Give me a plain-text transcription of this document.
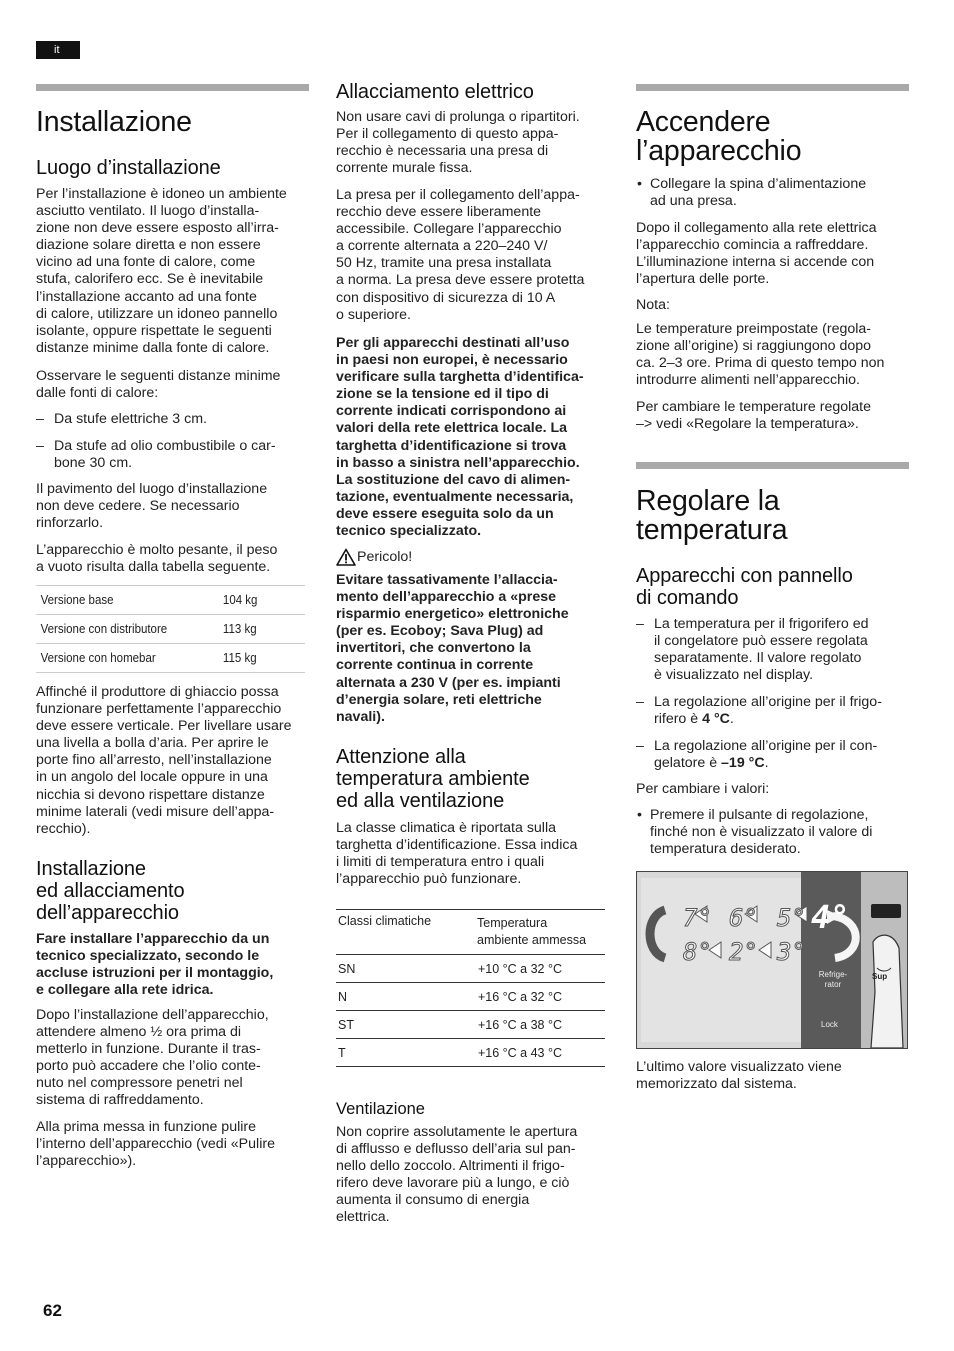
it
Installazione
Luogo d’installazione

Per l’installazione è idoneo un ambiente

asciutto ventilato. Il luogo d’installa-

zione non deve essere esposto all’irra-

diazione solare diretta e non essere

vicino ad una fonte di calore, come

stufa, calorifero ecc. Se è inevitabile

l’installazione accanto ad una fonte

di calore, utilizzare un idoneo pannello

isolante, oppure rispettate le seguenti

distanze minime dalla fonte di calore.

Osservare le seguenti distanze minime

dalle fonti di calore:

– Da stufe elettriche 3 cm.
– Da stufe ad olio combustibile o car-
bone 30 cm.

Il pavimento del luogo d’installazione

non deve cedere. Se necessario

rinforzarlo.

L’apparecchio è molto pesante, il peso

a vuoto risulta dalla tabella seguente.

Versione base	104 kg
Versione con distributore	113 kg
Versione con homebar	115 kg

Affinché il produttore di ghiaccio possa

funzionare perfettamente l’apparecchio

deve essere verticale. Per livellare usare

una livella a bolla d’aria. Per aprire le

porte fino all’arresto, nell’installazione

in un angolo del locale oppure in una

nicchia si devono rispettare distanze

minime laterali (vedi misure dell’appa-

recchio).

Installazione
ed allacciamento
dell’apparecchio

Fare installare l’apparecchio da un

tecnico specializzato, secondo le

accluse istruzioni per il montaggio,

e collegare alla rete idrica.

Dopo l’installazione dell’apparecchio,

attendere almeno ½ ora prima di

metterlo in funzione. Durante il tras-

porto può accadere che l’olio conte-

nuto nel compressore penetri nel

sistema di raffreddamento.

Alla prima messa in funzione pulire

l’interno dell’apparecchio (vedi «Pulire

l’apparecchio»).

Allacciamento elettrico

Non usare cavi di prolunga o ripartitori.

Per il collegamento di questo appa-

recchio è necessaria una presa di

corrente murale fissa.

La presa per il collegamento dell’appa-

recchio deve essere liberamente

accessibile. Collegare l’apparecchio

a corrente alternata a 220–240 V/

50 Hz, tramite una presa installata

a norma. La presa deve essere protetta

con dispositivo di sicurezza di 10 A

o superiore.

Per gli apparecchi destinati all’uso

in paesi non europei, è necessario

verificare sulla targhetta d’identifica-

zione se la tensione ed il tipo di

corrente indicati corrispondono ai

valori della rete elettrica locale. La

targhetta d’identificazione si trova

in basso a sinistra nell’apparecchio.

La sostituzione del cavo di alimen-

tazione, eventualmente necessaria,

deve essere eseguita solo da un

tecnico specializzato.

Pericolo!

Evitare tassativamente l’allaccia-

mento dell’apparecchio a «prese

risparmio energetico» elettroniche

(per es. Ecoboy; Sava Plug) ad

invertitori, che convertono la

corrente continua in corrente

alternata a 230 V (per es. impianti

d’energia solare, reti elettriche

navali).

Attenzione alla
temperatura ambiente
ed alla ventilazione

La classe climatica è riportata sulla

targhetta d’identificazione. Essa indica

i limiti di temperatura entro i quali

l’apparecchio può funzionare.

Classi climatiche	Temperatura
ambiente ammessa

SN	+10 °C a 32 °C
N	+16 °C a 32 °C
ST	+16 °C a 38 °C
T	+16 °C a 43 °C
Ventilazione

Non coprire assolutamente le apertura

di afflusso e deflusso dell’aria sul pan-

nello dello zoccolo. Altrimenti il frigo-

rifero deve lavorare più a lungo, e ciò

aumenta il consumo di energia

elettrica.

Accendere
l’apparecchio
• Collegare la spina d’alimentazione
ad una presa.

Dopo il collegamento alla rete elettrica

l’apparecchio comincia a raffreddare.

L’illuminazione interna si accende con

l’apertura delle porte.

Nota:

Le temperature preimpostate (regola-

zione all’origine) si raggiungono dopo

ca. 2–3 ore. Prima di questo tempo non

introdurre alimenti nell’apparecchio.

Per cambiare le temperature regolate

–> vedi «Regolare la temperatura».

Regolare la
temperatura
Apparecchi con pannello
di comando
– La temperatura per il frigorifero ed
il congelatore può essere regolata
separatamente. Il valore regolato
è visualizzato nel display.
– La regolazione all’origine per il frigo-
rifero è 4 °C.
– La regolazione all’origine per il con-
gelatore è –19 °C.

Per cambiare i valori:

• Premere il pulsante di regolazione,
finché non è visualizzato il valore di
temperatura desiderato.
7° 6° 5° 4°
8° 2° 3°
Refrige-
rator
Lock
Sup

L’ultimo valore visualizzato viene

memorizzato dal sistema.

62
